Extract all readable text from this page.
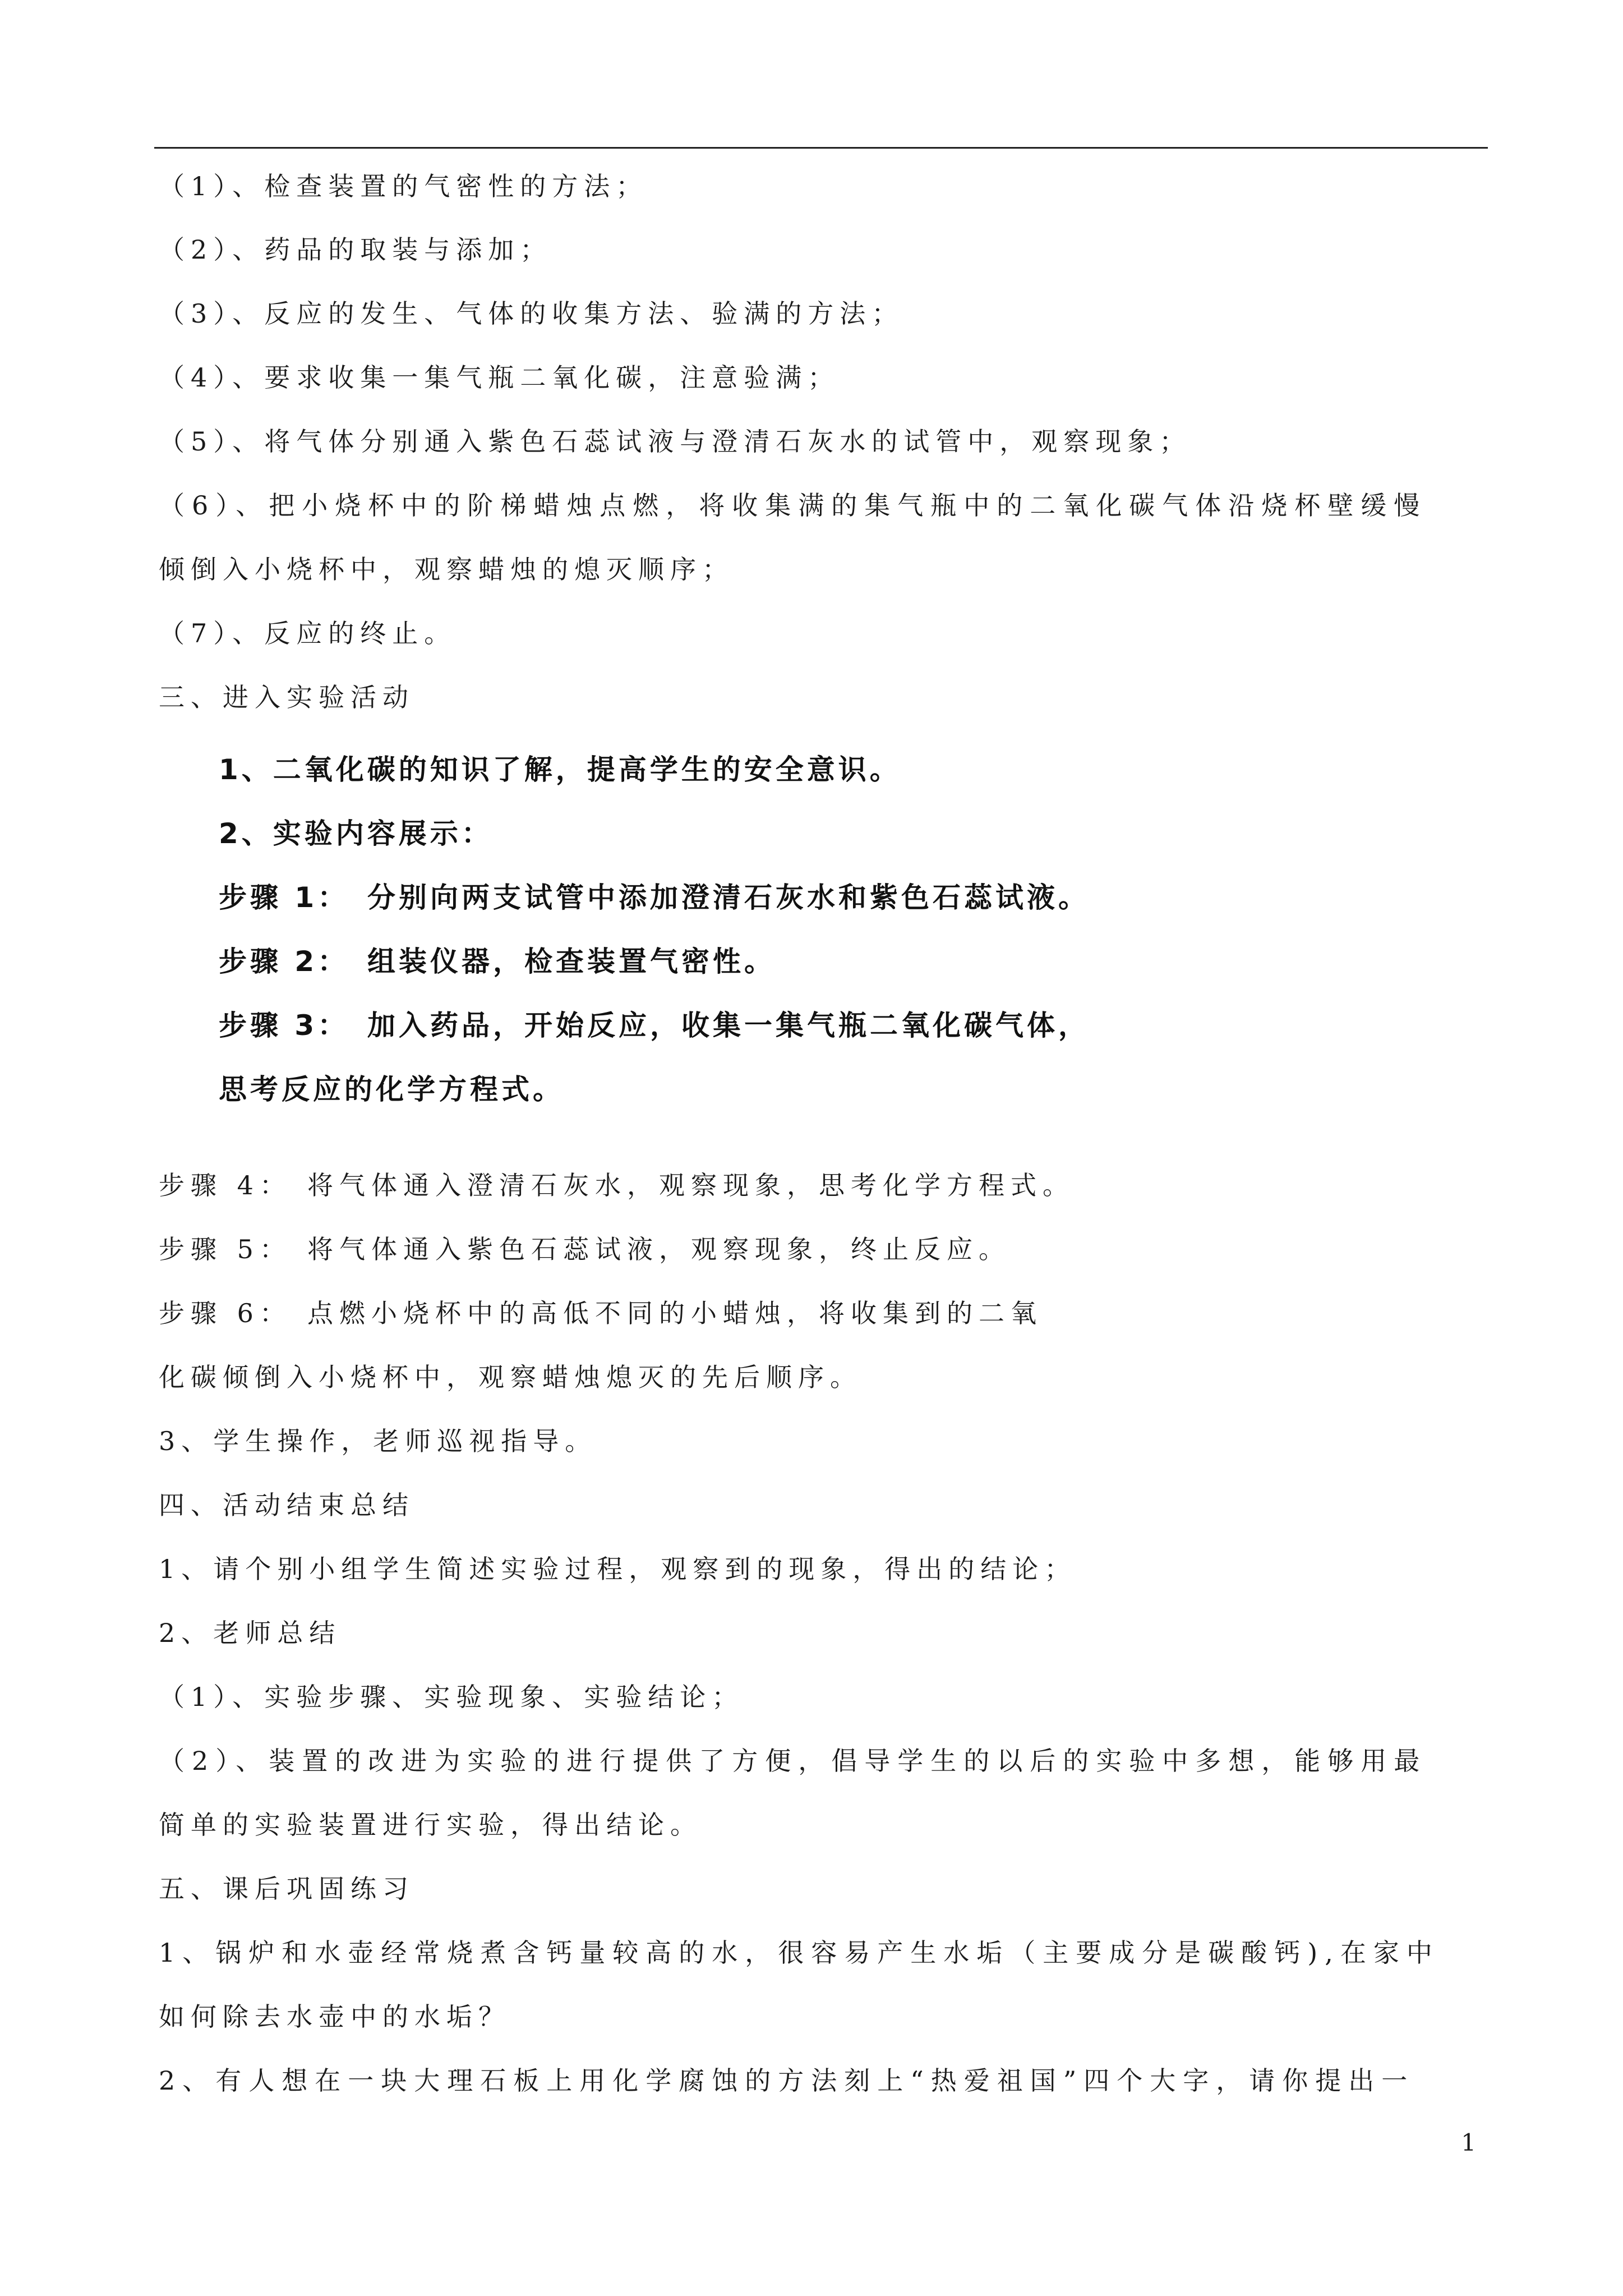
（1）、检查装置的气密性的方法；
（2）、药品的取装与添加；
（3）、反应的发生、气体的收集方法、验满的方法；
（4）、要求收集一集气瓶二氧化碳，注意验满；
（5）、将气体分别通入紫色石蕊试液与澄清石灰水的试管中，观察现象；
（6）、把小烧杯中的阶梯蜡烛点燃，将收集满的集气瓶中的二氧化碳气体沿烧杯壁缓慢
倾倒入小烧杯中，观察蜡烛的熄灭顺序；
（7）、反应的终止。
三、进入实验活动
1、二氧化碳的知识了解，提高学生的安全意识。
2、实验内容展示：
步骤 1： 分别向两支试管中添加澄清石灰水和紫色石蕊试液。
步骤 2： 组装仪器，检查装置气密性。
步骤 3： 加入药品，开始反应，收集一集气瓶二氧化碳气体，
思考反应的化学方程式。
步骤 4： 将气体通入澄清石灰水，观察现象，思考化学方程式。
步骤 5： 将气体通入紫色石蕊试液，观察现象，终止反应。
步骤 6： 点燃小烧杯中的高低不同的小蜡烛，将收集到的二氧
化碳倾倒入小烧杯中，观察蜡烛熄灭的先后顺序。
3、学生操作，老师巡视指导。
四、活动结束总结
1、请个别小组学生简述实验过程，观察到的现象，得出的结论；
2、老师总结
（1）、实验步骤、实验现象、实验结论；
（2）、装置的改进为实验的进行提供了方便，倡导学生的以后的实验中多想，能够用最
简单的实验装置进行实验，得出结论。
五、课后巩固练习
1、锅炉和水壶经常烧煮含钙量较高的水，很容易产生水垢（主要成分是碳酸钙),在家中
如何除去水壶中的水垢？
2、有人想在一块大理石板上用化学腐蚀的方法刻上“热爱祖国”四个大字，请你提出一
1
